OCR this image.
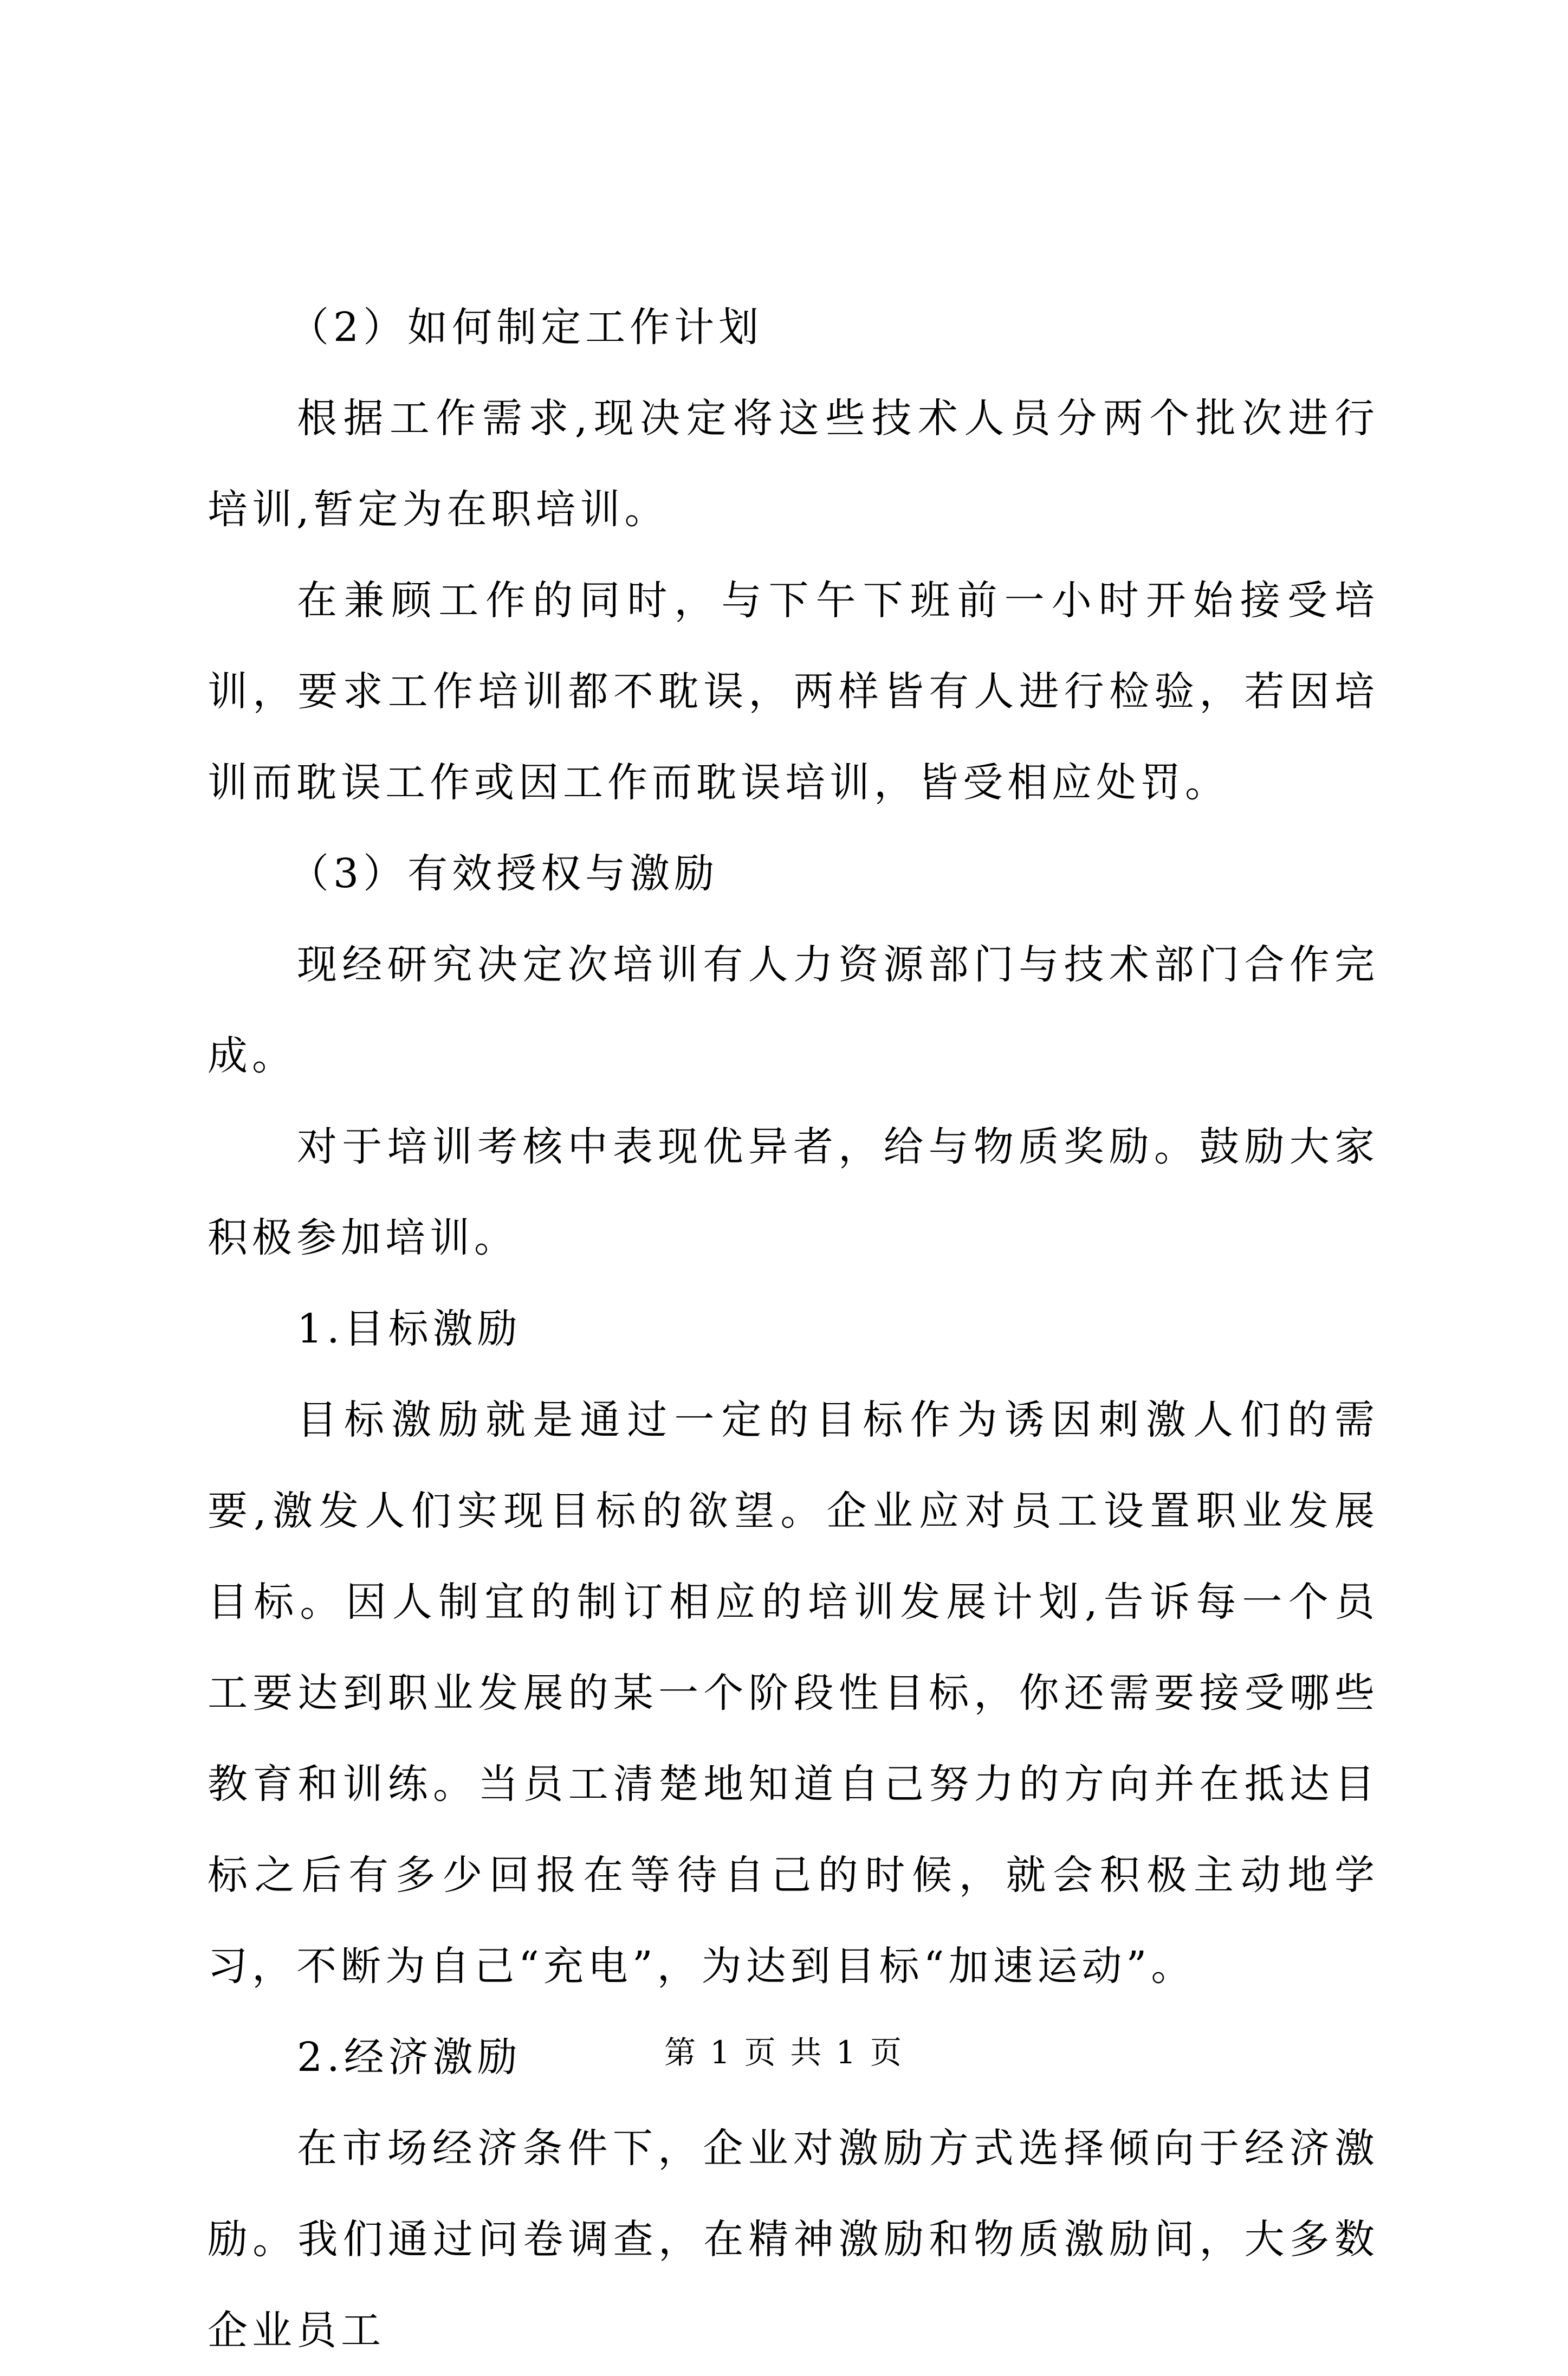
（2）如何制定工作计划

根据工作需求,现决定将这些技术人员分两个批次进行培训,暂定为在职培训。

在兼顾工作的同时，与下午下班前一小时开始接受培训，要求工作培训都不耽误，两样皆有人进行检验，若因培训而耽误工作或因工作而耽误培训，皆受相应处罚。

（3）有效授权与激励

现经研究决定次培训有人力资源部门与技术部门合作完成。

对于培训考核中表现优异者，给与物质奖励。鼓励大家积极参加培训。

1.目标激励

目标激励就是通过一定的目标作为诱因刺激人们的需要,激发人们实现目标的欲望。企业应对员工设置职业发展目标。因人制宜的制订相应的培训发展计划,告诉每一个员工要达到职业发展的某一个阶段性目标，你还需要接受哪些教育和训练。当员工清楚地知道自己努力的方向并在抵达目标之后有多少回报在等待自己的时候，就会积极主动地学习，不断为自己“充电”，为达到目标“加速运动”。

2.经济激励

在市场经济条件下，企业对激励方式选择倾向于经济激励。我们通过问卷调查，在精神激励和物质激励间，大多数企业员工

第 1 页 共 1 页
